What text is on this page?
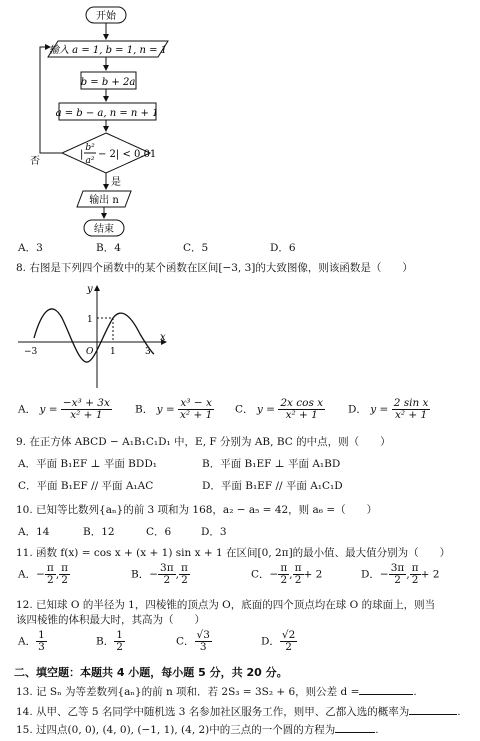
开始
输入 a = 1, b = 1, n = 1
b = b + 2a
a = b − a, n = n + 1
|
b²
a²
− 2| < 0.01
否
是
输出 n
结束
A．3	B．4	C．5	D．6
8. 右图是下列四个函数中的某个函数在区间[−3, 3]的大致图像，则该函数是（　　）
y
x
1
−3	O 1	3
A． $y = \frac{\text{−x³ + 3x}}{\text{x² + 1}}$ B． $y = \frac{\text{x³ − x}}{\text{x² + 1}}$ C． $y = \frac{\text{2x cos x}}{\text{x² + 1}}$ D． $y = \frac{\text{2 sin x}}{\text{x² + 1}}$
9. 在正方体 ABCD − A₁B₁C₁D₁ 中，E, F 分别为 AB, BC 的中点，则（　　）
A．平面 B₁EF ⊥ 平面 BDD₁	B．平面 B₁EF ⊥ 平面 A₁BD
C．平面 B₁EF // 平面 A₁AC	D．平面 B₁EF // 平面 A₁C₁D
10. 已知等比数列{aₙ}的前 3 项和为 168，a₂ − a₅ = 42，则 a₆ =（　　）
A．14	B．12	C．6	D．3
11. 函数 f(x) = cos x + (x + 1) sin x + 1 在区间[0, 2π]的最小值、最大值分别为（　　）
A．− $\frac{\pi}{2}$ , $\frac{\pi}{2}$	B．− $\frac{3\pi}{2}$ , $\frac{\pi}{2}$	C．− $\frac{\pi}{2}$ , $\frac{\pi}{2} + 2$	D．− $\frac{3\pi}{2}$ , $\frac{\pi}{2} + 2$
12. 已知球 O 的半径为 1，四棱锥的顶点为 O，底面的四个顶点均在球 O 的球面上，则当
该四棱锥的体积最大时，其高为（　　）
A． $\frac{1}{3}$	B． $\frac{1}{2}$	C． $\frac{√3}{3}$	D． $\frac{√2}{2}$
二、填空题：本题共 4 小题，每小题 5 分，共 20 分。
13. 记 Sₙ 为等差数列{aₙ}的前 n 项和．若 2S₃ = 3S₂ + 6，则公差 d =	.
14. 从甲、乙等 5 名同学中随机选 3 名参加社区服务工作，则甲、乙都入选的概率为	.
15. 过四点(0, 0), (4, 0), (−1, 1), (4, 2)中的三点的一个圆的方程为	.
